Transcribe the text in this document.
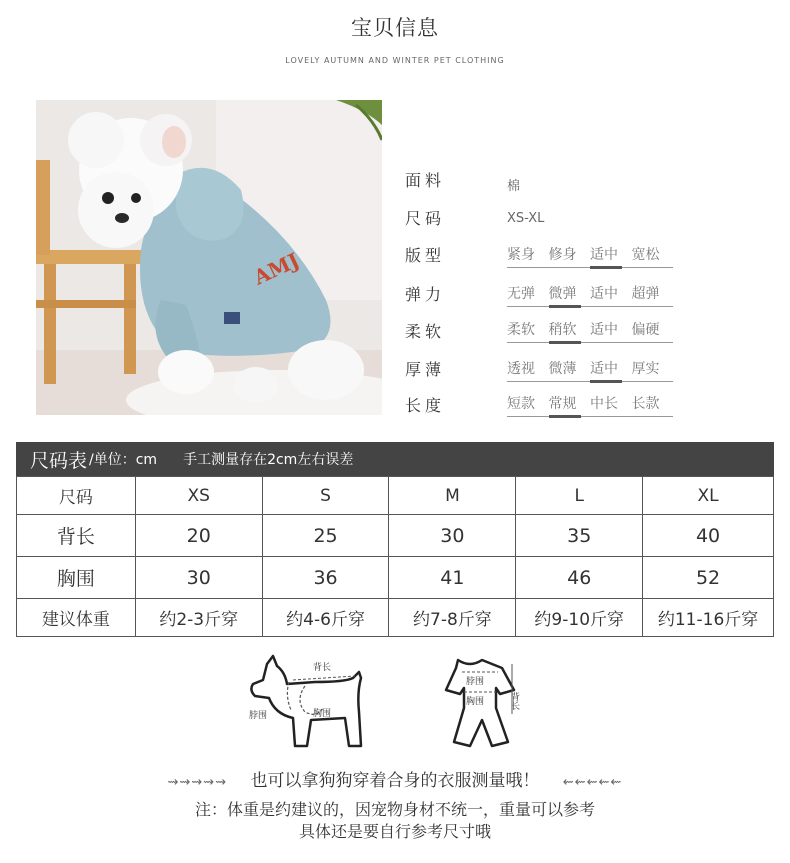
宝贝信息
LOVELY AUTUMN AND WINTER PET CLOTHING
AMJ
面料	棉
尺码	XS-XL
版型	紧身 修身 适中 宽松
弹力	无弹 微弹 适中 超弹
柔软	柔软 稍软 适中 偏硬
厚薄	透视 微薄 适中 厚实
长度	短款 常规 中长 长款
尺码表 /单位：cm 手工测量存在2cm左右误差
尺码	XS	S	M	L	XL
背长	20	25	30	35	40
胸围	30	36	41	46	52
建议体重	约2-3斤穿	约4-6斤穿	约7-8斤穿	约9-10斤穿	约11-16斤穿
背长
脖围	胸围
脖围
胸围	背长
⇝⇝⇝⇝⇝ 也可以拿狗狗穿着合身的衣服测量哦！ ⇜⇜⇜⇜⇜
注：体重是约建议的，因宠物身材不统一，重量可以参考
具体还是要自行参考尺寸哦
